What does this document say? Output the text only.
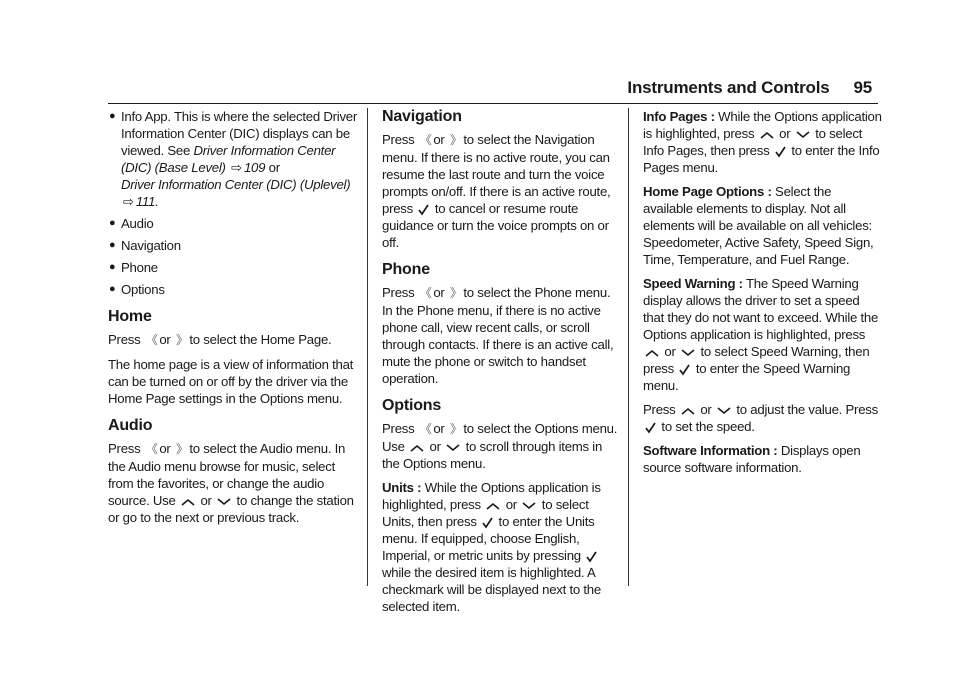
Instruments and Controls 95
● Info App. This is where the selected Driver Information Center (DIC) displays can be viewed. See Driver Information Center (DIC) (Base Level) ⇨ 109 or
Driver Information Center (DIC) (Uplevel)
⇨ 111.
● Audio
● Navigation
● Phone
● Options
Home

Press 《 or 》 to select the Home Page.

The home page is a view of information that can be turned on or off by the driver via the Home Page settings in the Options menu.

Audio

Press 《 or 》 to select the Audio menu. In the Audio menu browse for music, select from the favorites, or change the audio source. Use or to change the station or go to the next or previous track.

Navigation

Press 《 or 》 to select the Navigation menu. If there is no active route, you can resume the last route and turn the voice prompts on/off. If there is an active route, press to cancel or resume route guidance or turn the voice prompts on or off.

Phone

Press 《 or 》 to select the Phone menu. In the Phone menu, if there is no active phone call, view recent calls, or scroll through contacts. If there is an active call, mute the phone or switch to handset operation.

Options

Press 《 or 》 to select the Options menu. Use or to scroll through items in the Options menu.

Units : While the Options application is highlighted, press or to select Units, then press to enter the Units menu. If equipped, choose English, Imperial, or metric units by pressing  while the desired item is highlighted. A checkmark will be displayed next to the selected item.

Info Pages : While the Options application is highlighted, press or to select Info Pages, then press to enter the Info Pages menu.

Home Page Options : Select the available elements to display. Not all elements will be available on all vehicles: Speedometer, Active Safety, Speed Sign, Time, Temperature, and Fuel Range.

Speed Warning : The Speed Warning display allows the driver to set a speed that they do not want to exceed. While the Options application is highlighted, press  or to select Speed Warning, then press to enter the Speed Warning menu.

Press or to adjust the value. Press  to set the speed.

Software Information : Displays open source software information.
